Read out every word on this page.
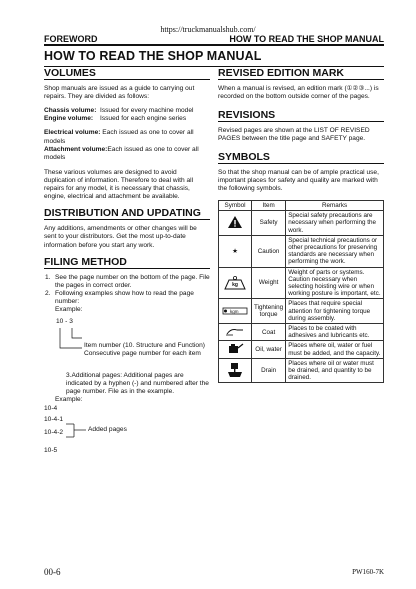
https://truckmanualshub.com/
FOREWORD	HOW TO READ THE SHOP MANUAL
HOW TO READ THE SHOP MANUAL
VOLUMES

Shop manuals are issued as a guide to carrying out repairs. They are divided as follows:

Chassis volume: Issued for every machine model

Engine volume: Issued for each engine series

Electrical volume: Each issued as one to cover all models

Attachment volume:Each issued as one to cover all models

These various volumes are designed to avoid duplication of information. Therefore to deal with all repairs for any model, it is necessary that chassis, engine, electrical and attachment be available.

DISTRIBUTION AND UPDATING

Any additions, amendments or other changes will be sent to your distributors. Get the most up-to-date information before you start any work.

FILING METHOD
1. See the page number on the bottom of the page. File the pages in correct order.
2. Following examples show how to read the page number:
Example:
10 - 3
Item number (10. Structure and Function)
Consecutive page number for each item

3.Additional pages: Additional pages are indicated by a hyphen (-) and numbered after the page number. File as in the example.

Example:

10-4
10-4-1
10-4-2	Added pages

10-5

REVISED EDITION MARK

When a manual is revised, an edition mark (①②③...) is recorded on the bottom outside corner of the pages.

REVISIONS

Revised pages are shown at the LIST OF REVISED PAGES between the title page and SAFETY page.

SYMBOLS

So that the shop manual can be of ample practical use, important places for safety and quality are marked with the following symbols.

Symbol	Item	Remarks
	Safety	Special safety precautions are necessary when performing the work.
★	Caution	Special technical precautions or other precautions for preserving standards are necessary when performing the work.

kg	Weight	Weight of parts or systems. Caution necessary when selecting hoisting wire or when working posture is important, etc.

kgm	Tightening torque	Places that require special attention for tightening torque during assembly.
	Coat	Places to be coated with adhesives and lubricants etc.
	Oil, water	Places where oil, water or fuel must be added, and the capacity.
	Drain	Places where oil or water must be drained, and quantity to be drained.
00-6	PW160-7K
